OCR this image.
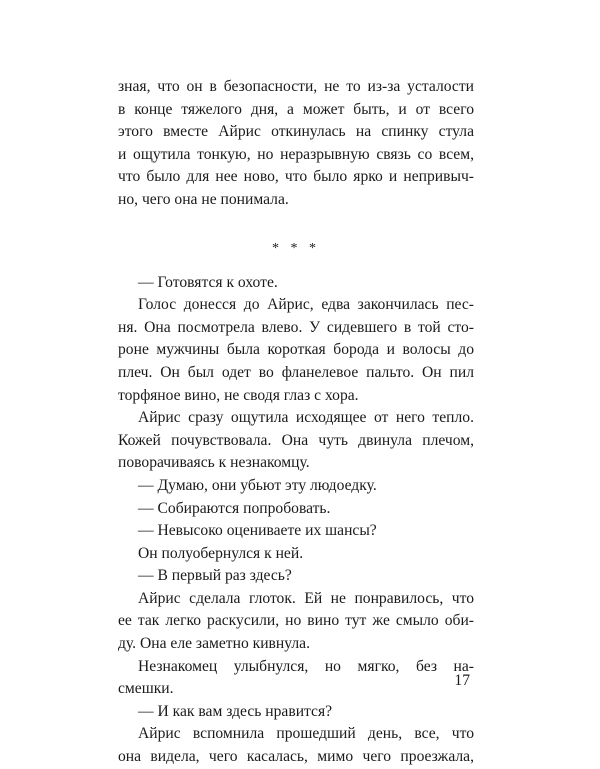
зная, что он в безопасности, не то из-за усталости
в конце тяжелого дня, а может быть, и от всего
этого вместе Айрис откинулась на спинку стула
и ощутила тонкую, но неразрывную связь со всем,
что было для нее ново, что было ярко и непривыч-
но, чего она не понимала.
* * *
— Готовятся к охоте.
Голос донесся до Айрис, едва закончилась пес-
ня. Она посмотрела влево. У сидевшего в той сто-
роне мужчины была короткая борода и волосы до
плеч. Он был одет во фланелевое пальто. Он пил
торфяное вино, не сводя глаз с хора.
Айрис сразу ощутила исходящее от него тепло.
Кожей почувствовала. Она чуть двинула плечом,
поворачиваясь к незнакомцу.
— Думаю, они убьют эту людоедку.
— Собираются попробовать.
— Невысоко оцениваете их шансы?
Он полуобернулся к ней.
— В первый раз здесь?
Айрис сделала глоток. Ей не понравилось, что
ее так легко раскусили, но вино тут же смыло оби-
ду. Она еле заметно кивнула.
Незнакомец улыбнулся, но мягко, без на-
смешки.
— И как вам здесь нравится?
Айрис вспомнила прошедший день, все, что
она видела, чего касалась, мимо чего проезжала,
17
